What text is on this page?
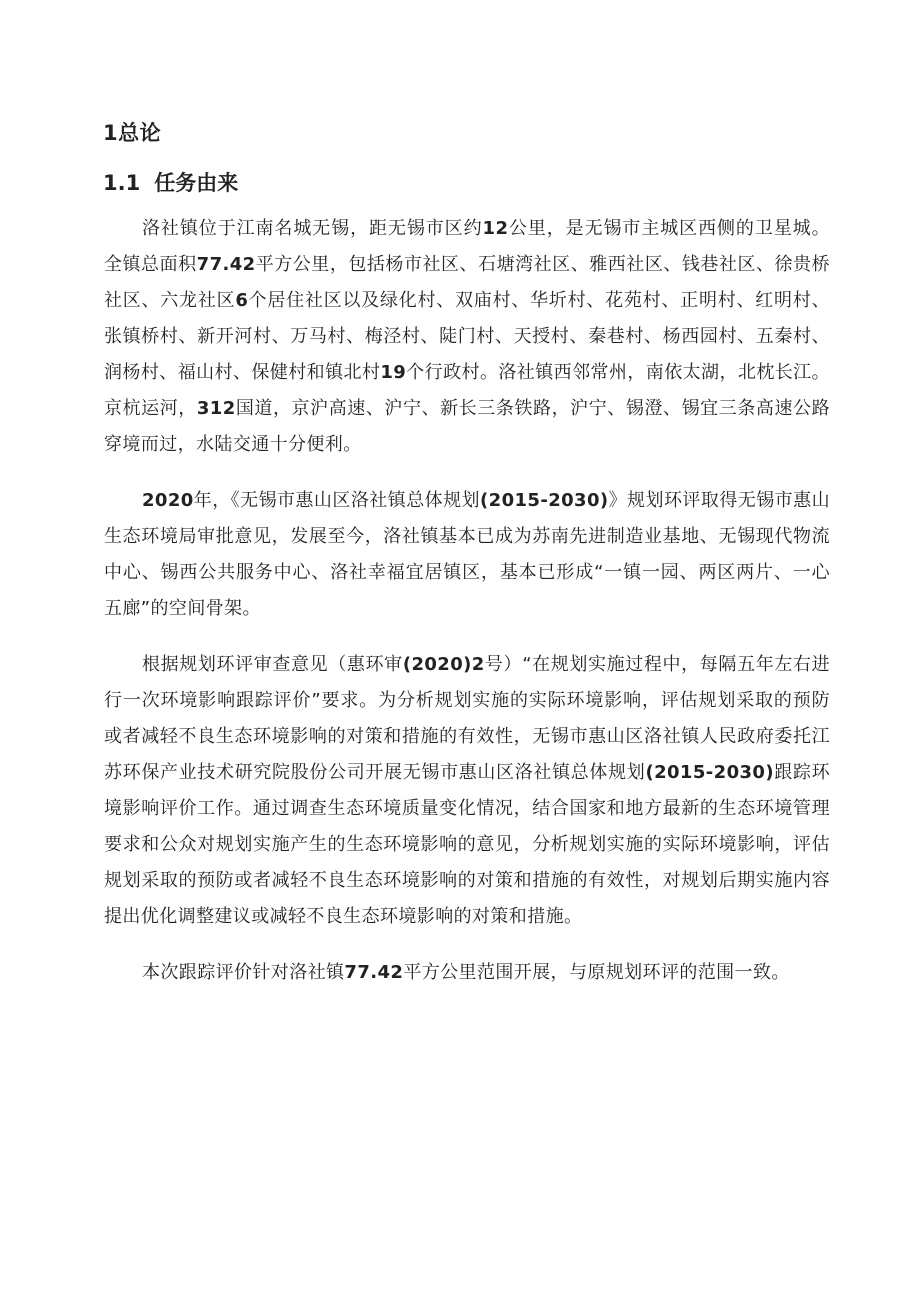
1总论
1.1 任务由来

洛社镇位于江南名城无锡，距无锡市区约12公里，是无锡市主城区西侧的卫星城。全镇总面积77.42平方公里，包括杨市社区、石塘湾社区、雅西社区、钱巷社区、徐贵桥社区、六龙社区6个居住社区以及绿化村、双庙村、华圻村、花苑村、正明村、红明村、张镇桥村、新开河村、万马村、梅泾村、陡门村、天授村、秦巷村、杨西园村、五秦村、润杨村、福山村、保健村和镇北村19个行政村。洛社镇西邻常州，南依太湖，北枕长江。京杭运河，312国道，京沪高速、沪宁、新长三条铁路，沪宁、锡澄、锡宜三条高速公路穿境而过，水陆交通十分便利。

2020年，《无锡市惠山区洛社镇总体规划(2015-2030)》规划环评取得无锡市惠山生态环境局审批意见，发展至今，洛社镇基本已成为苏南先进制造业基地、无锡现代物流中心、锡西公共服务中心、洛社幸福宜居镇区，基本已形成“一镇一园、两区两片、一心五廊”的空间骨架。

根据规划环评审查意见（惠环审(2020)2号）“在规划实施过程中，每隔五年左右进行一次环境影响跟踪评价”要求。为分析规划实施的实际环境影响，评估规划采取的预防或者减轻不良生态环境影响的对策和措施的有效性，无锡市惠山区洛社镇人民政府委托江苏环保产业技术研究院股份公司开展无锡市惠山区洛社镇总体规划(2015-2030)跟踪环境影响评价工作。通过调查生态环境质量变化情况，结合国家和地方最新的生态环境管理要求和公众对规划实施产生的生态环境影响的意见，分析规划实施的实际环境影响，评估规划采取的预防或者减轻不良生态环境影响的对策和措施的有效性，对规划后期实施内容提出优化调整建议或减轻不良生态环境影响的对策和措施。

本次跟踪评价针对洛社镇77.42平方公里范围开展，与原规划环评的范围一致。
